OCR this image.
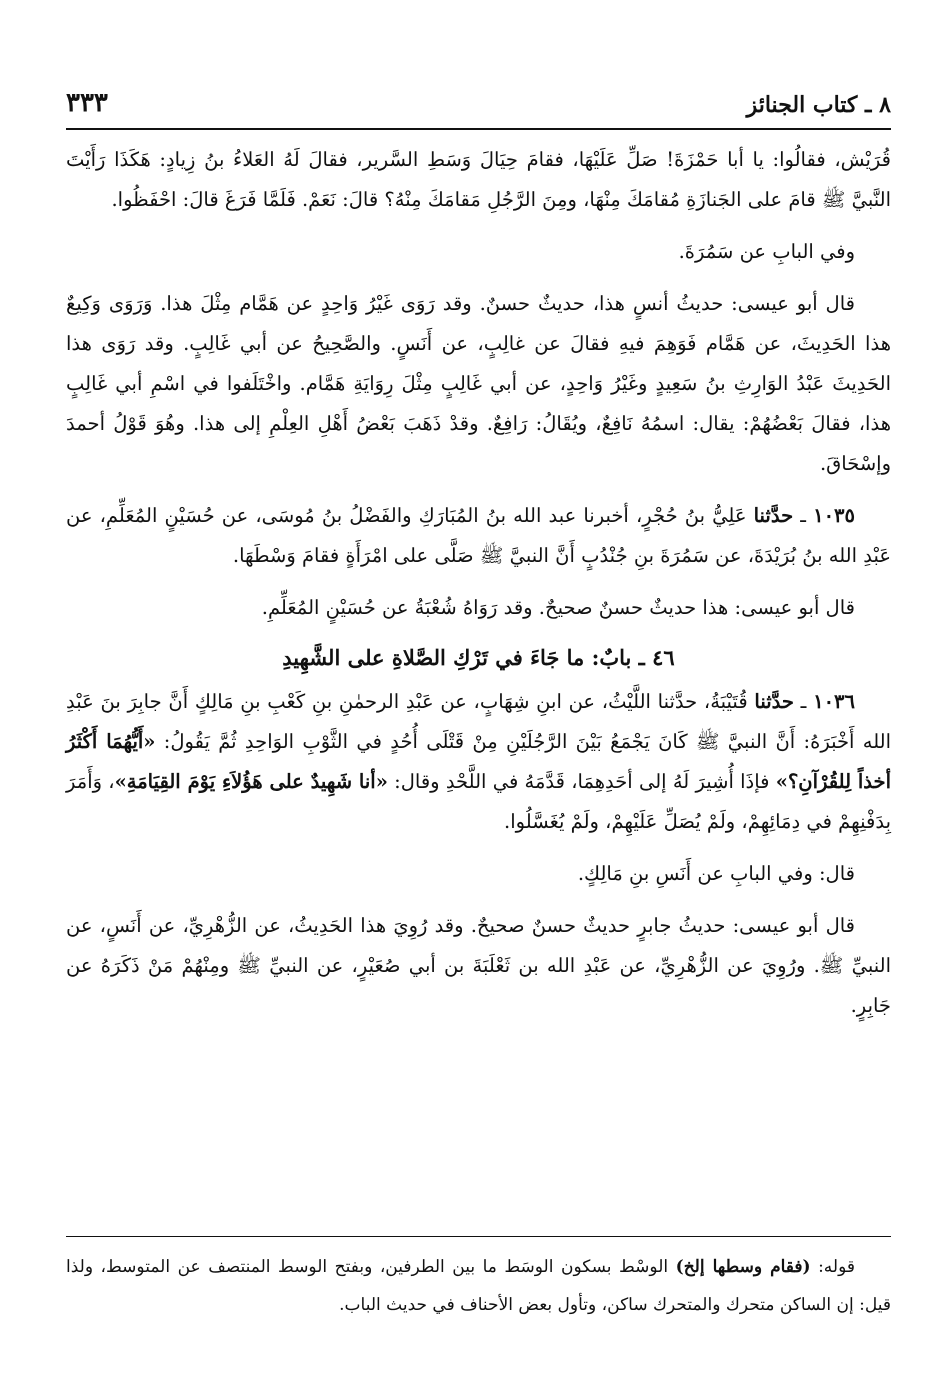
٨ ـ كتاب الجنائز
٣٣٣

قُرَيْش، فقالُوا: يا أبا حَمْزَةَ! صَلِّ عَلَيْهَا، فقامَ حِيَالَ وَسَطِ السَّرير، فقالَ لَهُ العَلاءُ بنُ زِيادٍ: هَكَذَا رَأَيْتَ النَّبيَّ ﷺ قامَ على الجَنازَةِ مُقامَكَ مِنْهَا، ومِنَ الرَّجُلِ مَقامَكَ مِنْهُ؟ قالَ: نَعَمْ. فَلَمَّا فَرَغَ قالَ: احْفَظُوا.

وفي البابِ عن سَمُرَةَ.

قال أبو عيسى: حديثُ أنسٍ هذا، حديثٌ حسنٌ. وقد رَوَى غَيْرُ وَاحِدٍ عن هَمَّام مِثْلَ هذا. وَرَوَى وَكِيعٌ هذا الحَدِيثَ، عن هَمَّام فَوَهِمَ فيهِ فقالَ عن غالِبٍ، عن أَنَسٍ. والصَّحِيحُ عن أبي غَالِبٍ. وقد رَوَى هذا الحَدِيثَ عَبْدُ الوَارِثِ بنُ سَعِيدٍ وغَيْرُ وَاحِدٍ، عن أبي غَالِبٍ مِثْلَ رِوَايَةِ هَمَّام. واخْتَلَفوا في اسْمِ أبي غَالِبٍ هذا، فقالَ بَعْضُهُمْ: يقال: اسمُهُ نَافِعٌ، ويُقَالُ: رَافِعٌ. وقدْ ذَهَبَ بَعْضُ أَهْلِ العِلْمِ إلى هذا. وهُوَ قَوْلُ أحمدَ وإسْحَاقَ.

١٠٣٥ ـ حدَّثنا عَلِيُّ بنُ حُجْرٍ، أخبرنا عبد الله بنُ المُبَارَكِ والفَضْلُ بنُ مُوسَى، عن حُسَيْنٍ المُعَلِّمِ، عن عَبْدِ الله بنُ بُرَيْدَةَ، عن سَمُرَةَ بنِ جُنْدُبٍ أَنَّ النبيَّ ﷺ صَلَّى على امْرَأَةٍ فقامَ وَسْطَهَا.

قال أبو عيسى: هذا حديثٌ حسنٌ صحيحٌ. وقد رَوَاهُ شُعْبَةُ عن حُسَيْنٍ المُعَلِّمِ.

٤٦ ـ بابٌ: ما جَاءَ في تَرْكِ الصَّلاةِ على الشَّهِيدِ

١٠٣٦ ـ حدَّثنا قُتَيْبَةُ، حدَّثنا اللَّيْثُ، عن ابنِ شِهَابٍ، عن عَبْدِ الرحمٰنِ بنِ كَعْبِ بنِ مَالِكٍ أَنَّ جابِرَ بنَ عَبْدِ الله أَخْبَرَهُ: أَنَّ النبيَّ ﷺ كَانَ يَجْمَعُ بَيْنَ الرَّجُلَيْنِ مِنْ قَتْلَى أُحُدٍ في الثَّوْبِ الوَاحِدِ ثُمَّ يَقُولُ: «أَيُّهُمَا أَكْثَرُ أخذاً لِلقُرْآنِ؟» فإذَا أُشِيرَ لَهُ إلى أحَدِهِمَا، قَدَّمَهُ في اللَّحْدِ وقال: «أنا شَهِيدٌ على هَؤُلاَءِ يَوْمَ القِيَامَةِ»، وَأَمَرَ بِدَفْنِهِمْ في دِمَائِهِمْ، ولَمْ يُصَلِّ عَلَيْهِمْ، ولَمْ يُغَسَّلُوا.

قال: وفي البابِ عن أَنَسِ بنِ مَالِكٍ.

قال أبو عيسى: حديثُ جابرٍ حديثٌ حسنٌ صحيحٌ. وقد رُوِيَ هذا الحَدِيثُ، عن الزُّهْرِيِّ، عن أَنَسٍ، عن النبيِّ ﷺ. ورُوِيَ عن الزُّهْرِيِّ، عن عَبْدِ الله بن ثَعْلَبَةَ بن أبي صُعَيْرٍ، عن النبيِّ ﷺ ومِنْهُمْ مَنْ ذَكَرَهُ عن جَابِرٍ.

قوله: (فقام وسطها إلخ) الوسْط بسكون الوسَط ما بين الطرفين، وبفتح الوسط المنتصف عن المتوسط، ولذا قيل: إن الساكن متحرك والمتحرك ساكن، وتأول بعض الأحناف في حديث الباب.
